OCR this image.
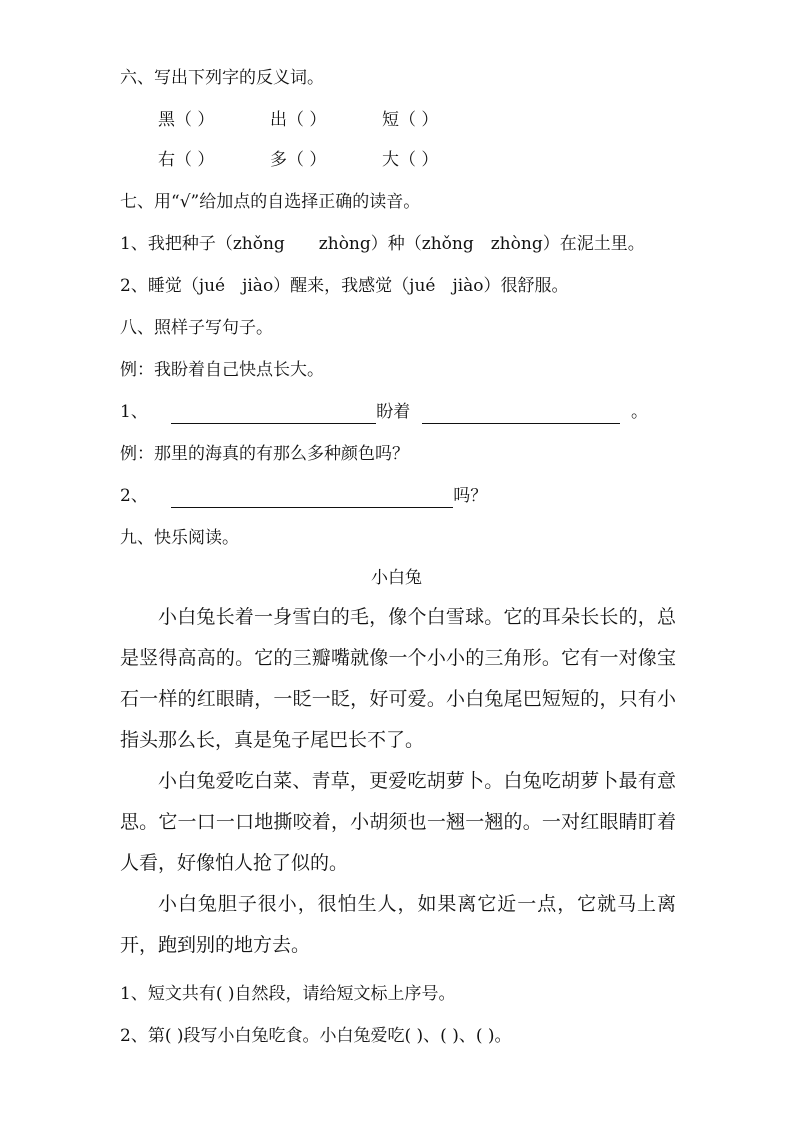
六、写出下列字的反义词。
黑（ ）	出（ ）	短（ ）
右（ ）	多（ ）	大（ ）
七、用“√”给加点的自选择正确的读音。
1、我把种子（zhǒng　　zhòng）种（zhǒng　zhòng）在泥土里。
2、睡觉（jué　jiào）醒来，我感觉（jué　jiào）很舒服。
八、照样子写句子。
例：我盼着自己快点长大。
1、	盼着	。
例：那里的海真的有那么多种颜色吗？
2、	吗？
九、快乐阅读。
小白兔
小白兔长着一身雪白的毛，像个白雪球。它的耳朵长长的，总是竖得高高的。它的三瓣嘴就像一个小小的三角形。它有一对像宝石一样的红眼睛，一眨一眨，好可爱。小白兔尾巴短短的，只有小指头那么长，真是兔子尾巴长不了。
小白兔爱吃白菜、青草，更爱吃胡萝卜。白兔吃胡萝卜最有意思。它一口一口地撕咬着，小胡须也一翘一翘的。一对红眼睛盯着人看，好像怕人抢了似的。
小白兔胆子很小，很怕生人，如果离它近一点，它就马上离开，跑到别的地方去。
1、短文共有( )自然段，请给短文标上序号。
2、第( )段写小白兔吃食。小白兔爱吃( )、( )、( )。
